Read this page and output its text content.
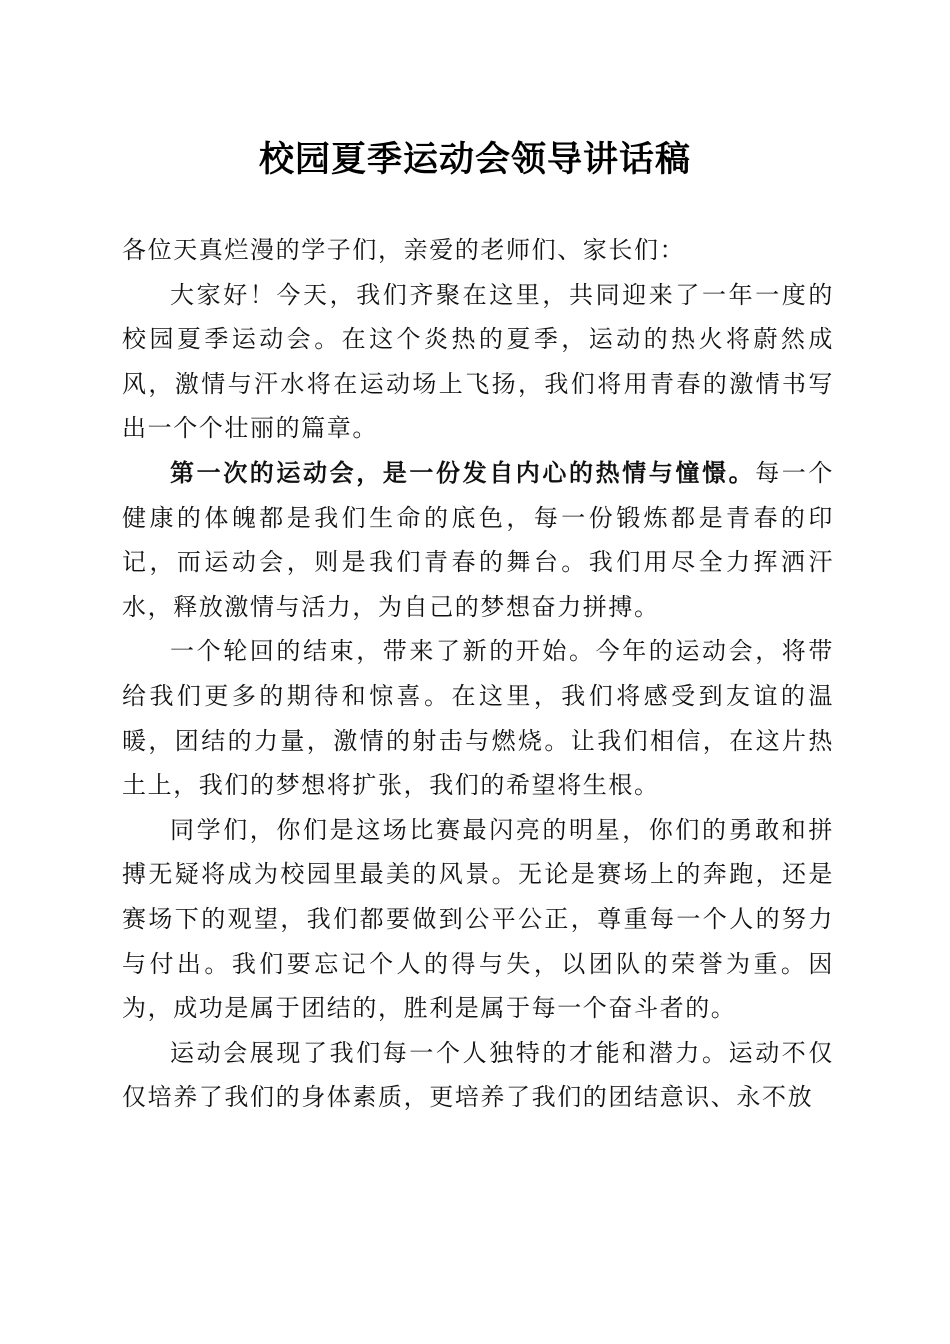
校园夏季运动会领导讲话稿

各位天真烂漫的学子们，亲爱的老师们、家长们：

大家好！今天，我们齐聚在这里，共同迎来了一年一度的校园夏季运动会。在这个炎热的夏季，运动的热火将蔚然成风，激情与汗水将在运动场上飞扬，我们将用青春的激情书写出一个个壮丽的篇章。

第一次的运动会，是一份发自内心的热情与憧憬。每一个健康的体魄都是我们生命的底色，每一份锻炼都是青春的印记，而运动会，则是我们青春的舞台。我们用尽全力挥洒汗水，释放激情与活力，为自己的梦想奋力拼搏。

一个轮回的结束，带来了新的开始。今年的运动会，将带给我们更多的期待和惊喜。在这里，我们将感受到友谊的温暖，团结的力量，激情的射击与燃烧。让我们相信，在这片热土上，我们的梦想将扩张，我们的希望将生根。

同学们，你们是这场比赛最闪亮的明星，你们的勇敢和拼搏无疑将成为校园里最美的风景。无论是赛场上的奔跑，还是赛场下的观望，我们都要做到公平公正，尊重每一个人的努力与付出。我们要忘记个人的得与失，以团队的荣誉为重。因为，成功是属于团结的，胜利是属于每一个奋斗者的。

运动会展现了我们每一个人独特的才能和潜力。运动不仅仅培养了我们的身体素质，更培养了我们的团结意识、永不放
